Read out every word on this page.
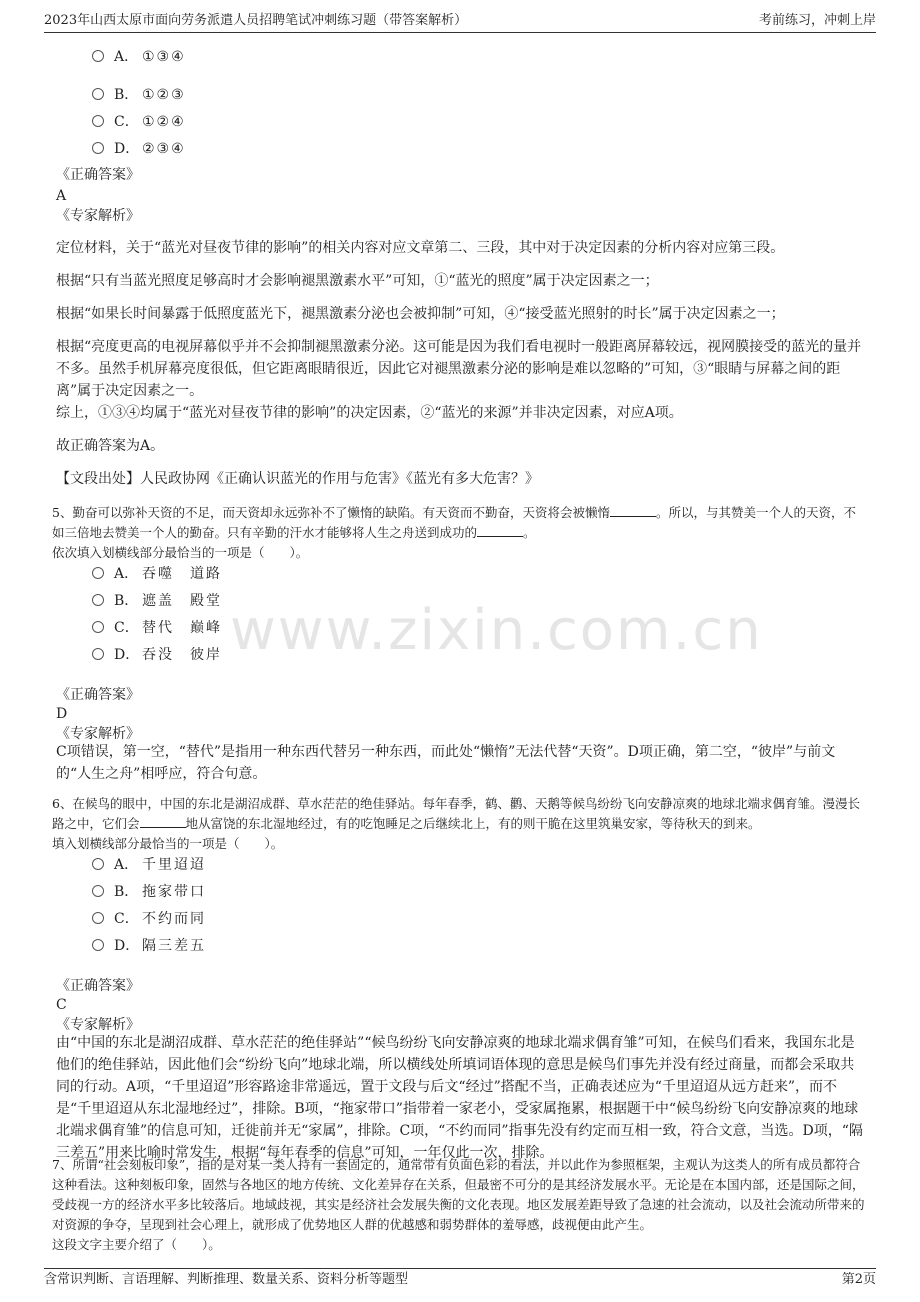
2023年山西太原市面向劳务派遣人员招聘笔试冲刺练习题（带答案解析）	考前练习，冲刺上岸
www.zixin.com.cn
A． ①③④
B． ①②③
C． ①②④
D． ②③④
《正确答案》
A
《专家解析》
定位材料，关于“蓝光对昼夜节律的影响”的相关内容对应文章第二、三段，其中对于决定因素的分析内容对应第三段。
根据“只有当蓝光照度足够高时才会影响褪黑激素水平”可知，①“蓝光的照度”属于决定因素之一；
根据“如果长时间暴露于低照度蓝光下，褪黑激素分泌也会被抑制”可知，④“接受蓝光照射的时长”属于决定因素之一；
根据“亮度更高的电视屏幕似乎并不会抑制褪黑激素分泌。这可能是因为我们看电视时一般距离屏幕较远，视网膜接受的蓝光的量并不多。虽然手机屏幕亮度很低，但它距离眼睛很近，因此它对褪黑激素分泌的影响是难以忽略的”可知，③“眼睛与屏幕之间的距离”属于决定因素之一。
综上，①③④均属于“蓝光对昼夜节律的影响”的决定因素，②“蓝光的来源”并非决定因素，对应A项。
故正确答案为A。
【文段出处】人民政协网《正确认识蓝光的作用与危害》《蓝光有多大危害？》
5、勤奋可以弥补天资的不足，而天资却永远弥补不了懒惰的缺陷。有天资而不勤奋，天资将会被懒惰	。所以，与其赞美一个人的天资，不如三倍地去赞美一个人的勤奋。只有辛勤的汗水才能够将人生之舟送到成功的	。
依次填入划横线部分最恰当的一项是（　　）。
A． 吞噬　道路
B． 遮盖　殿堂
C． 替代　巅峰
D． 吞没　彼岸
《正确答案》
D
《专家解析》
C项错误，第一空，“替代”是指用一种东西代替另一种东西，而此处“懒惰”无法代替“天资”。D项正确，第二空，“彼岸”与前文的“人生之舟”相呼应，符合句意。
6、在候鸟的眼中，中国的东北是湖沼成群、草水茫茫的绝佳驿站。每年春季，鹤、鹳、天鹅等候鸟纷纷飞向安静凉爽的地球北端求偶育雏。漫漫长路之中，它们会	地从富饶的东北湿地经过，有的吃饱睡足之后继续北上，有的则干脆在这里筑巢安家，等待秋天的到来。
填入划横线部分最恰当的一项是（　　）。
A． 千里迢迢
B． 拖家带口
C． 不约而同
D． 隔三差五
《正确答案》
C
《专家解析》
由“中国的东北是湖沼成群、草水茫茫的绝佳驿站”“候鸟纷纷飞向安静凉爽的地球北端求偶育雏”可知，在候鸟们看来，我国东北是他们的绝佳驿站，因此他们会“纷纷飞向”地球北端，所以横线处所填词语体现的意思是候鸟们事先并没有经过商量，而都会采取共同的行动。A项，“千里迢迢”形容路途非常遥远，置于文段与后文“经过”搭配不当，正确表述应为“千里迢迢从远方赶来”，而不是“千里迢迢从东北湿地经过”，排除。B项，“拖家带口”指带着一家老小，受家属拖累，根据题干中“候鸟纷纷飞向安静凉爽的地球北端求偶育雏”的信息可知，迁徙前并无“家属”，排除。C项，“不约而同”指事先没有约定而互相一致，符合文意，当选。D项，“隔三差五”用来比喻时常发生，根据“每年春季的信息”可知，一年仅此一次，排除。
7、所谓“社会刻板印象”，指的是对某一类人持有一套固定的，通常带有负面色彩的看法，并以此作为参照框架，主观认为这类人的所有成员都符合这种看法。这种刻板印象，固然与各地区的地方传统、文化差异存在关系，但最密不可分的是其经济发展水平。无论是在本国内部，还是国际之间，受歧视一方的经济水平多比较落后。地域歧视，其实是经济社会发展失衡的文化表现。地区发展差距导致了急速的社会流动，以及社会流动所带来的对资源的争夺，呈现到社会心理上，就形成了优势地区人群的优越感和弱势群体的羞辱感，歧视便由此产生。
这段文字主要介绍了（　　）。
含常识判断、言语理解、判断推理、数量关系、资料分析等题型	第2页
